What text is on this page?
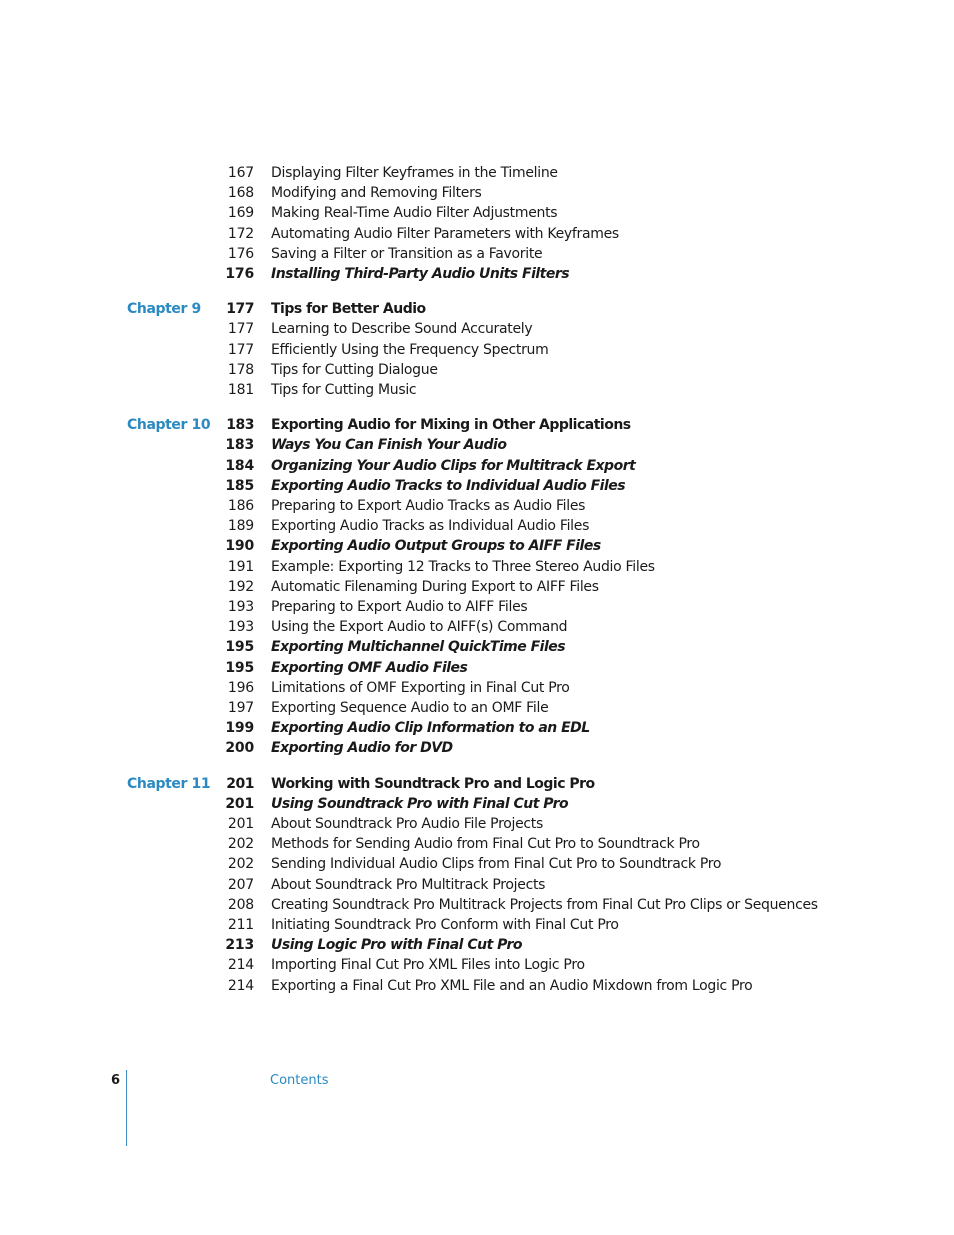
167 Displaying Filter Keyframes in the Timeline
168 Modifying and Removing Filters
169 Making Real-Time Audio Filter Adjustments
172 Automating Audio Filter Parameters with Keyframes
176 Saving a Filter or Transition as a Favorite
176 Installing Third-Party Audio Units Filters
Chapter 9 177 Tips for Better Audio
177 Learning to Describe Sound Accurately
177 Efficiently Using the Frequency Spectrum
178 Tips for Cutting Dialogue
181 Tips for Cutting Music
Chapter 10 183 Exporting Audio for Mixing in Other Applications
183 Ways You Can Finish Your Audio
184 Organizing Your Audio Clips for Multitrack Export
185 Exporting Audio Tracks to Individual Audio Files
186 Preparing to Export Audio Tracks as Audio Files
189 Exporting Audio Tracks as Individual Audio Files
190 Exporting Audio Output Groups to AIFF Files
191 Example: Exporting 12 Tracks to Three Stereo Audio Files
192 Automatic Filenaming During Export to AIFF Files
193 Preparing to Export Audio to AIFF Files
193 Using the Export Audio to AIFF(s) Command
195 Exporting Multichannel QuickTime Files
195 Exporting OMF Audio Files
196 Limitations of OMF Exporting in Final Cut Pro
197 Exporting Sequence Audio to an OMF File
199 Exporting Audio Clip Information to an EDL
200 Exporting Audio for DVD
Chapter 11 201 Working with Soundtrack Pro and Logic Pro
201 Using Soundtrack Pro with Final Cut Pro
201 About Soundtrack Pro Audio File Projects
202 Methods for Sending Audio from Final Cut Pro to Soundtrack Pro
202 Sending Individual Audio Clips from Final Cut Pro to Soundtrack Pro
207 About Soundtrack Pro Multitrack Projects
208 Creating Soundtrack Pro Multitrack Projects from Final Cut Pro Clips or Sequences
211 Initiating Soundtrack Pro Conform with Final Cut Pro
213 Using Logic Pro with Final Cut Pro
214 Importing Final Cut Pro XML Files into Logic Pro
214 Exporting a Final Cut Pro XML File and an Audio Mixdown from Logic Pro
6	Contents
